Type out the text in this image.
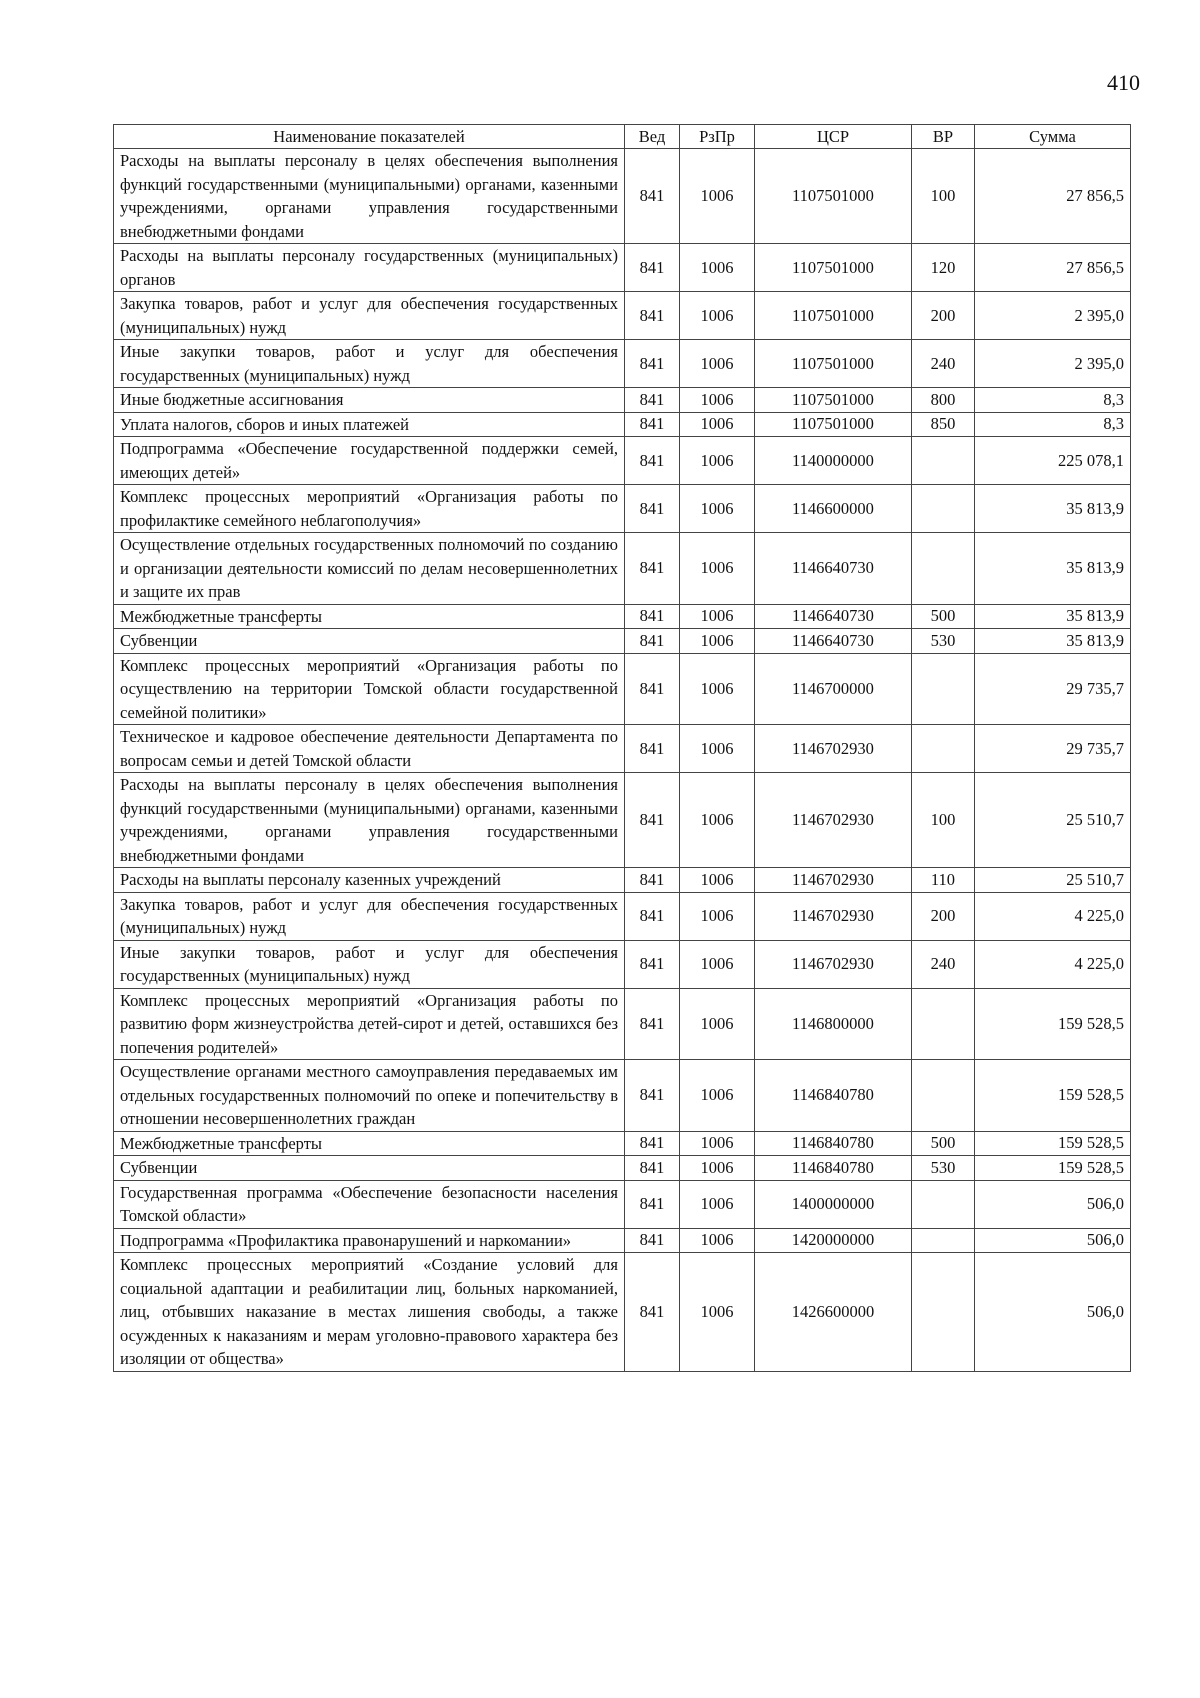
410
Наименование показателей	Вед	РзПр	ЦСР	ВР	Сумма
Расходы на выплаты персоналу в целях обеспечения выполнения функций государственными (муниципальными) органами, казенными учреждениями, органами управления государственными внебюджетными фондами	841	1006	1107501000	100	27 856,5
Расходы на выплаты персоналу государственных (муниципальных) органов	841	1006	1107501000	120	27 856,5
Закупка товаров, работ и услуг для обеспечения государственных (муниципальных) нужд	841	1006	1107501000	200	2 395,0
Иные закупки товаров, работ и услуг для обеспечения государственных (муниципальных) нужд	841	1006	1107501000	240	2 395,0
Иные бюджетные ассигнования	841	1006	1107501000	800	8,3
Уплата налогов, сборов и иных платежей	841	1006	1107501000	850	8,3
Подпрограмма «Обеспечение государственной поддержки семей, имеющих детей»	841	1006	1140000000		225 078,1
Комплекс процессных мероприятий «Организация работы по профилактике семейного неблагополучия»	841	1006	1146600000		35 813,9
Осуществление отдельных государственных полномочий по созданию и организации деятельности комиссий по делам несовершеннолетних и защите их прав	841	1006	1146640730		35 813,9
Межбюджетные трансферты	841	1006	1146640730	500	35 813,9
Субвенции	841	1006	1146640730	530	35 813,9
Комплекс процессных мероприятий «Организация работы по осуществлению на территории Томской области государственной семейной политики»	841	1006	1146700000		29 735,7
Техническое и кадровое обеспечение деятельности Департамента по вопросам семьи и детей Томской области	841	1006	1146702930		29 735,7
Расходы на выплаты персоналу в целях обеспечения выполнения функций государственными (муниципальными) органами, казенными учреждениями, органами управления государственными внебюджетными фондами	841	1006	1146702930	100	25 510,7
Расходы на выплаты персоналу казенных учреждений	841	1006	1146702930	110	25 510,7
Закупка товаров, работ и услуг для обеспечения государственных (муниципальных) нужд	841	1006	1146702930	200	4 225,0
Иные закупки товаров, работ и услуг для обеспечения государственных (муниципальных) нужд	841	1006	1146702930	240	4 225,0
Комплекс процессных мероприятий «Организация работы по развитию форм жизнеустройства детей-сирот и детей, оставшихся без попечения родителей»	841	1006	1146800000		159 528,5
Осуществление органами местного самоуправления передаваемых им отдельных государственных полномочий по опеке и попечительству в отношении несовершеннолетних граждан	841	1006	1146840780		159 528,5
Межбюджетные трансферты	841	1006	1146840780	500	159 528,5
Субвенции	841	1006	1146840780	530	159 528,5
Государственная программа «Обеспечение безопасности населения Томской области»	841	1006	1400000000		506,0
Подпрограмма «Профилактика правонарушений и наркомании»	841	1006	1420000000		506,0
Комплекс процессных мероприятий «Создание условий для социальной адаптации и реабилитации лиц, больных наркоманией, лиц, отбывших наказание в местах лишения свободы, а также осужденных к наказаниям и мерам уголовно-правового характера без изоляции от общества»	841	1006	1426600000		506,0
